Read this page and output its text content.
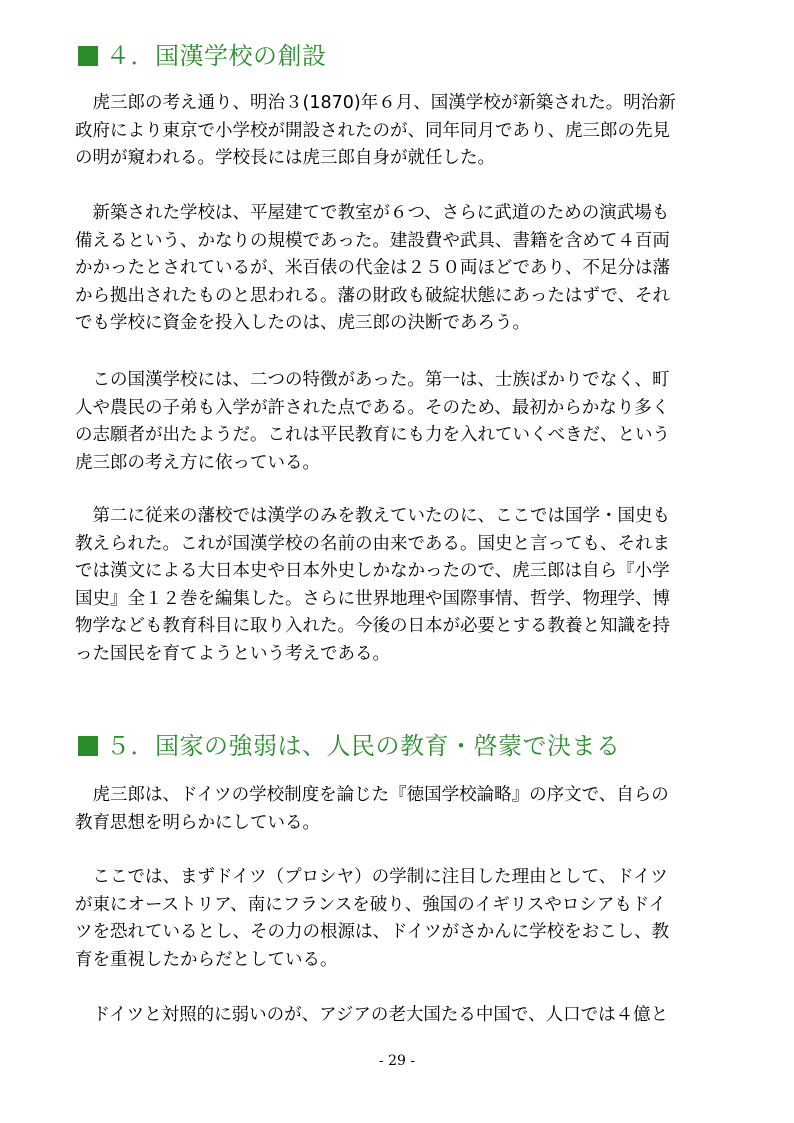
４．国漢学校の創設
　虎三郎の考え通り、明治３(1870)年６月、国漢学校が新築された。明治新
政府により東京で小学校が開設されたのが、同年同月であり、虎三郎の先見
の明が窺われる。学校長には虎三郎自身が就任した。
　新築された学校は、平屋建てで教室が６つ、さらに武道のための演武場も
備えるという、かなりの規模であった。建設費や武具、書籍を含めて４百両
かかったとされているが、米百俵の代金は２５０両ほどであり、不足分は藩
から拠出されたものと思われる。藩の財政も破綻状態にあったはずで、それ
でも学校に資金を投入したのは、虎三郎の決断であろう。
　この国漢学校には、二つの特徴があった。第一は、士族ばかりでなく、町
人や農民の子弟も入学が許された点である。そのため、最初からかなり多く
の志願者が出たようだ。これは平民教育にも力を入れていくべきだ、という
虎三郎の考え方に依っている。
　第二に従来の藩校では漢学のみを教えていたのに、ここでは国学・国史も
教えられた。これが国漢学校の名前の由来である。国史と言っても、それま
では漢文による大日本史や日本外史しかなかったので、虎三郎は自ら『小学
国史』全１２巻を編集した。さらに世界地理や国際事情、哲学、物理学、博
物学なども教育科目に取り入れた。今後の日本が必要とする教養と知識を持
った国民を育てようという考えである。
５．国家の強弱は、人民の教育・啓蒙で決まる
　虎三郎は、ドイツの学校制度を論じた『徳国学校論略』の序文で、自らの
教育思想を明らかにしている。
　ここでは、まずドイツ（プロシヤ）の学制に注目した理由として、ドイツ
が東にオーストリア、南にフランスを破り、強国のイギリスやロシアもドイ
ツを恐れているとし、その力の根源は、ドイツがさかんに学校をおこし、教
育を重視したからだとしている。
　ドイツと対照的に弱いのが、アジアの老大国たる中国で、人口では４億と
- 29 -
